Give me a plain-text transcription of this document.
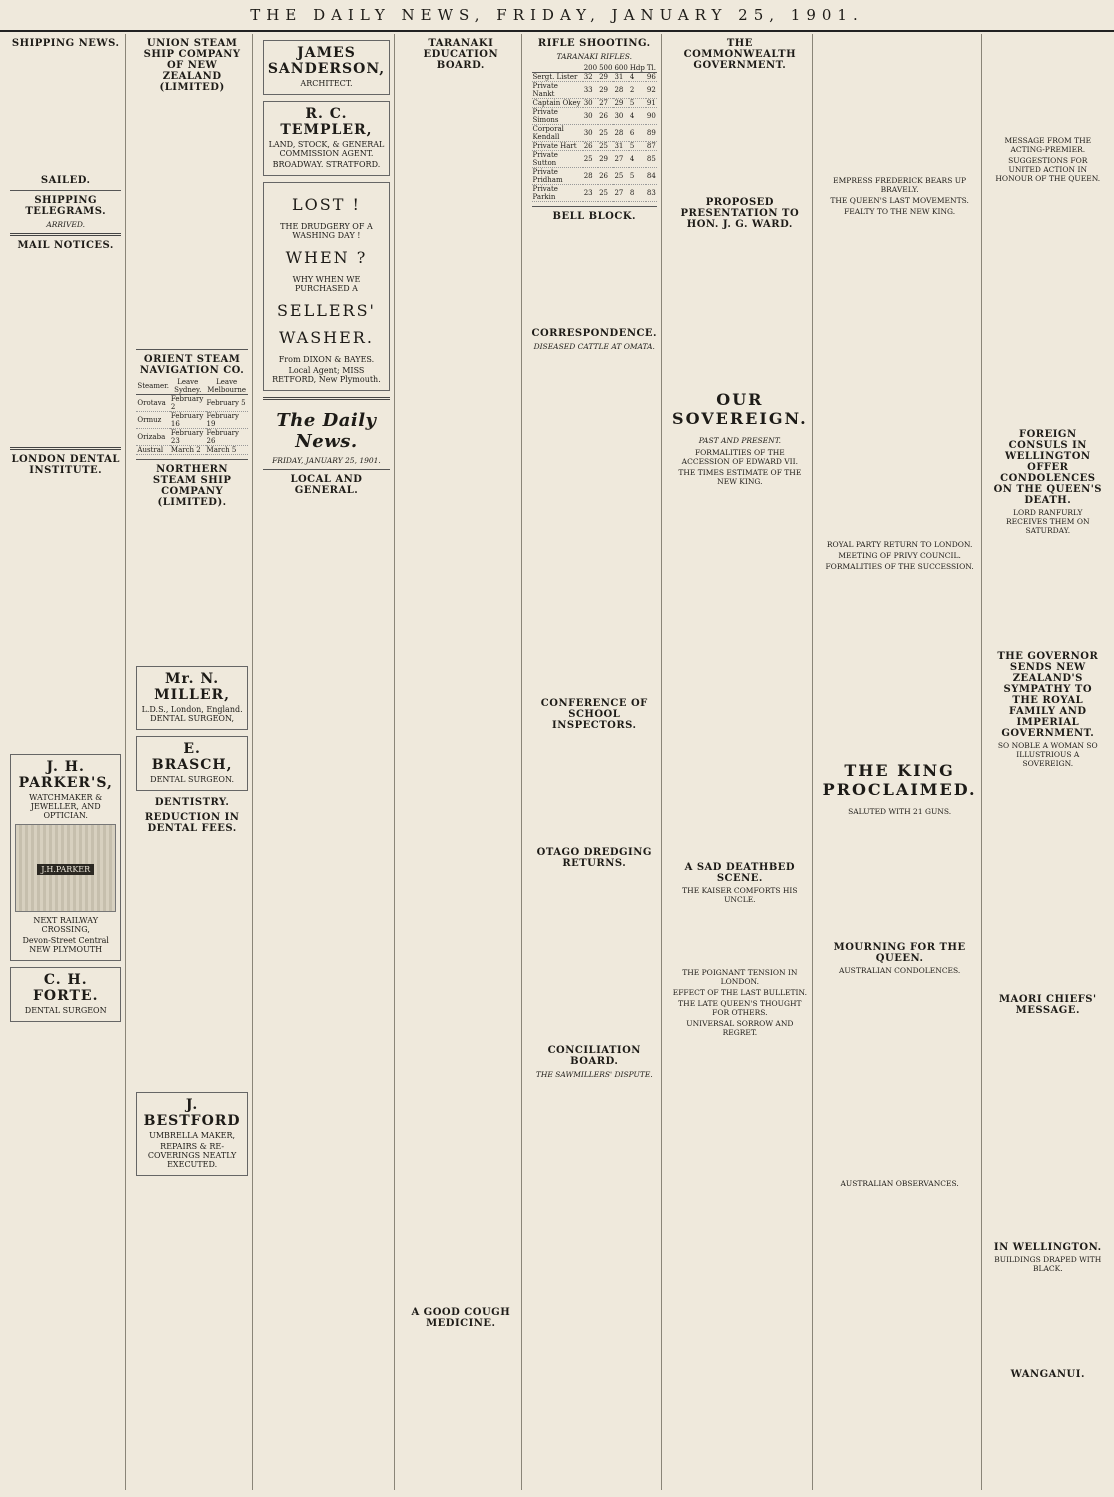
THE DAILY NEWS, FRIDAY, JANUARY 25, 1901.
SHIPPING NEWS.
SAILED.
SHIPPING TELEGRAMS.
ARRIVED.
MAIL NOTICES.
LONDON DENTAL INSTITUTE.
J. H. PARKER'S,
WATCHMAKER & JEWELLER, AND OPTICIAN.
J.H.PARKER
NEXT RAILWAY CROSSING,
Devon-Street Central NEW PLYMOUTH
C. H. FORTE.
DENTAL SURGEON
UNION STEAM SHIP COMPANY OF NEW ZEALAND (LIMITED)
ORIENT STEAM NAVIGATION CO.
Steamer.	Leave Sydney.	Leave Melbourne
Orotava	February 2	February 5
Ormuz	February 16	February 19
Orizaba	February 23	February 26
Austral	March 2	March 5
NORTHERN STEAM SHIP COMPANY (LIMITED).
Mr. N. MILLER,
L.D.S., London, England. DENTAL SURGEON,
E. BRASCH,
DENTAL SURGEON.
DENTISTRY.
REDUCTION IN DENTAL FEES.
J. BESTFORD
UMBRELLA MAKER,
REPAIRS & RE-COVERINGS NEATLY EXECUTED.
JAMES SANDERSON,
ARCHITECT.
R. C. TEMPLER,
LAND, STOCK, & GENERAL COMMISSION AGENT.
BROADWAY. STRATFORD.
LOST !
THE DRUDGERY OF A WASHING DAY !
WHEN ?
WHY WHEN WE PURCHASED A
SELLERS'
WASHER.
From DIXON & BAYES.
Local Agent; MISS RETFORD, New Plymouth.
The Daily News.
FRIDAY, JANUARY 25, 1901.
LOCAL AND GENERAL.
TARANAKI EDUCATION BOARD.
A GOOD COUGH MEDICINE.
RIFLE SHOOTING.
TARANAKI RIFLES.
	200	500	600	Hdp	Tl.
Sergt. Lister	32	29	31	4	96
Private Nankt	33	29	28	2	92
Captain Okey	30	27	29	5	91
Private Simons	30	26	30	4	90
Corporal Kendall	30	25	28	6	89
Private Hart	26	25	31	5	87
Private Sutton	25	29	27	4	85
Private Pridham	28	26	25	5	84
Private Parkin	23	25	27	8	83
BELL BLOCK.
CORRESPONDENCE.
DISEASED CATTLE AT OMATA.
CONFERENCE OF SCHOOL INSPECTORS.
OTAGO DREDGING RETURNS.
CONCILIATION BOARD.
THE SAWMILLERS' DISPUTE.
THE COMMONWEALTH GOVERNMENT.
PROPOSED PRESENTATION TO HON. J. G. WARD.
OUR SOVEREIGN.
PAST AND PRESENT.
FORMALITIES OF THE ACCESSION OF EDWARD VII.
THE TIMES ESTIMATE OF THE NEW KING.
A SAD DEATHBED SCENE.
THE KAISER COMFORTS HIS UNCLE.
THE POIGNANT TENSION IN LONDON.
EFFECT OF THE LAST BULLETIN.
THE LATE QUEEN'S THOUGHT FOR OTHERS.
UNIVERSAL SORROW AND REGRET.
EMPRESS FREDERICK BEARS UP BRAVELY.
THE QUEEN'S LAST MOVEMENTS.
FEALTY TO THE NEW KING.
ROYAL PARTY RETURN TO LONDON.
MEETING OF PRIVY COUNCIL.
FORMALITIES OF THE SUCCESSION.
THE KING PROCLAIMED.
SALUTED WITH 21 GUNS.
MOURNING FOR THE QUEEN.
AUSTRALIAN CONDOLENCES.
AUSTRALIAN OBSERVANCES.
MESSAGE FROM THE ACTING-PREMIER.
SUGGESTIONS FOR UNITED ACTION IN HONOUR OF THE QUEEN.
FOREIGN CONSULS IN WELLINGTON OFFER CONDOLENCES ON THE QUEEN'S DEATH.
LORD RANFURLY RECEIVES THEM ON SATURDAY.
THE GOVERNOR SENDS NEW ZEALAND'S SYMPATHY TO THE ROYAL FAMILY AND IMPERIAL GOVERNMENT.
SO NOBLE A WOMAN SO ILLUSTRIOUS A SOVEREIGN.
MAORI CHIEFS' MESSAGE.
IN WELLINGTON.
BUILDINGS DRAPED WITH BLACK.
WANGANUI.
